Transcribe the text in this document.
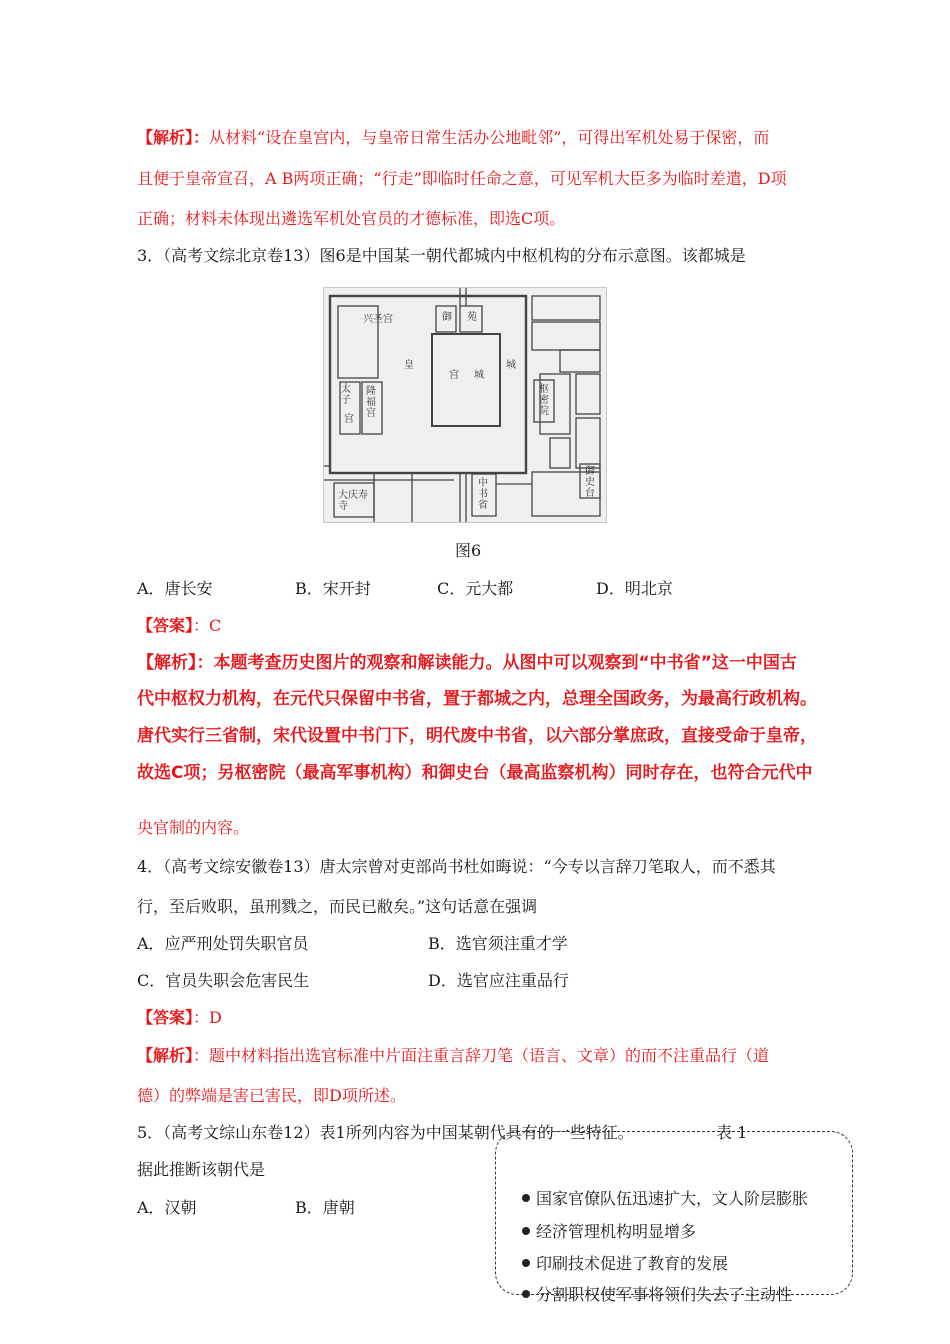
【解析】：从材料“设在皇宫内，与皇帝日常生活办公地毗邻”，可得出军机处易于保密，而
且便于皇帝宣召，A B两项正确；“行走”即临时任命之意，可见军机大臣多为临时差遣，D项
正确；材料未体现出遴选军机处官员的才德标准，即选C项。
3．（高考文综北京卷13）图6是中国某一朝代都城内中枢机构的分布示意图。该都城是
兴圣宫	御 苑
皇
宫 城
城
太子
宫
隆福宫
枢密院
中书省
御史台
大庆寿寺
图6
A．唐长安	B．宋开封	C．元大都	D．明北京
【答案】：C
【解析】：本题考查历史图片的观察和解读能力。从图中可以观察到“中书省”这一中国古
代中枢权力机构，在元代只保留中书省，置于都城之内，总理全国政务，为最高行政机构。
唐代实行三省制，宋代设置中书门下，明代废中书省，以六部分掌庶政，直接受命于皇帝，
故选C项；另枢密院（最高军事机构）和御史台（最高监察机构）同时存在，也符合元代中
央官制的内容。
4．（高考文综安徽卷13）唐太宗曾对吏部尚书杜如晦说：“今专以言辞刀笔取人，而不悉其
行，至后败职，虽刑戮之，而民已敝矣。”这句话意在强调
A．应严刑处罚失职官员	B．选官须注重才学
C．官员失职会危害民生	D．选官应注重品行
【答案】：D
【解析】：题中材料指出选官标准中片面注重言辞刀笔（语言、文章）的而不注重品行（道
德）的弊端是害已害民，即D项所述。
5．（高考文综山东卷12）表1所列内容为中国某朝代具有的一些特征。	表 1
据此推断该朝代是
A．汉朝	B．唐朝	国家官僚队伍迅速扩大，文人阶层膨胀
经济管理机构明显增多
印刷技术促进了教育的发展
分割职权使军事将领们失去了主动性
